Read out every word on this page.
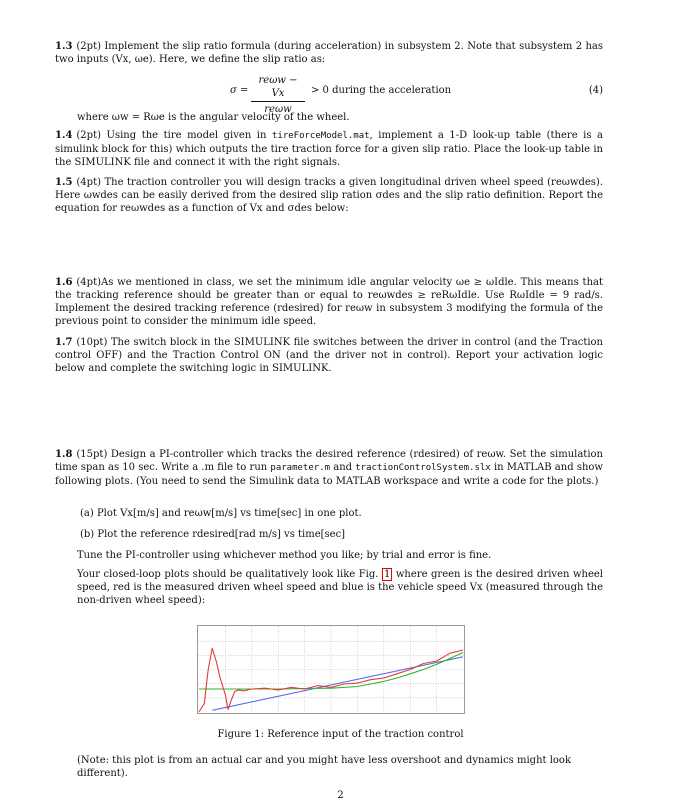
1.3 (2pt) Implement the slip ratio formula (during acceleration) in subsystem 2. Note that subsystem 2 has two inputs (Vx, ωe). Here, we define the slip ratio as:
σ =
reωw − Vx
reωw
> 0 during the acceleration	(4)
where ωw = Rωe is the angular velocity of the wheel.
1.4 (2pt) Using the tire model given in tireForceModel.mat, implement a 1-D look-up table (there is a simulink block for this) which outputs the tire traction force for a given slip ratio. Place the look-up table in the SIMULINK file and connect it with the right signals.
1.5 (4pt) The traction controller you will design tracks a given longitudinal driven wheel speed (reωwdes). Here ωwdes can be easily derived from the desired slip ration σdes and the slip ratio definition. Report the equation for reωwdes as a function of Vx and σdes below:
1.6 (4pt)As we mentioned in class, we set the minimum idle angular velocity ωe ≥ ωIdle. This means that the tracking reference should be greater than or equal to reωwdes ≥ reRωIdle. Use RωIdle = 9 rad/s. Implement the desired tracking reference (rdesired) for reωw in subsystem 3 modifying the formula of the previous point to consider the minimum idle speed.
1.7 (10pt) The switch block in the SIMULINK file switches between the driver in control (and the Traction control OFF) and the Traction Control ON (and the driver not in control). Report your activation logic below and complete the switching logic in SIMULINK.
1.8 (15pt) Design a PI-controller which tracks the desired reference (rdesired) of reωw. Set the simulation time span as 10 sec. Write a .m file to run parameter.m and tractionControlSystem.slx in MATLAB and show following plots. (You need to send the Simulink data to MATLAB workspace and write a code for the plots.)
(a) Plot Vx[m/s] and reωw[m/s] vs time[sec] in one plot.
(b) Plot the reference rdesired[rad m/s] vs time[sec]
Tune the PI-controller using whichever method you like; by trial and error is fine.
Your closed-loop plots should be qualitatively look like Fig. 1 where green is the desired driven wheel speed, red is the measured driven wheel speed and blue is the vehicle speed Vx (measured through the non-driven wheel speed):
Figure 1: Reference input of the traction control
(Note: this plot is from an actual car and you might have less overshoot and dynamics might look different).
2
